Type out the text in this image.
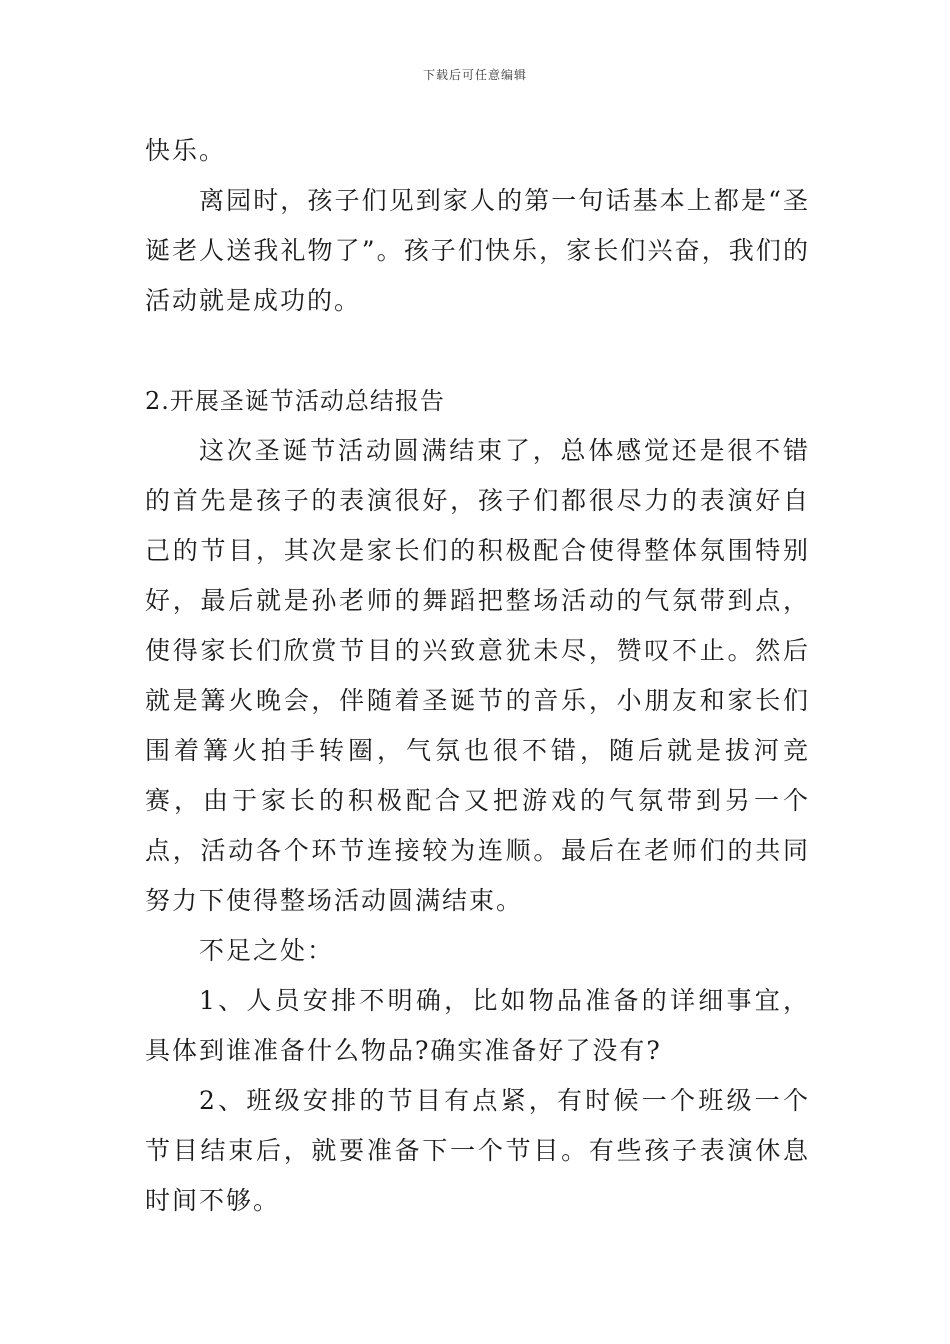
下载后可任意编辑

快乐。

离园时，孩子们见到家人的第一句话基本上都是“圣诞老人送我礼物了”。孩子们快乐，家长们兴奋，我们的活动就是成功的。

2.开展圣诞节活动总结报告

这次圣诞节活动圆满结束了，总体感觉还是很不错的首先是孩子的表演很好，孩子们都很尽力的表演好自己的节目，其次是家长们的积极配合使得整体氛围特别好，最后就是孙老师的舞蹈把整场活动的气氛带到点，使得家长们欣赏节目的兴致意犹未尽，赞叹不止。然后就是篝火晚会，伴随着圣诞节的音乐，小朋友和家长们围着篝火拍手转圈，气氛也很不错，随后就是拔河竞赛，由于家长的积极配合又把游戏的气氛带到另一个点，活动各个环节连接较为连顺。最后在老师们的共同努力下使得整场活动圆满结束。

不足之处：

1、人员安排不明确，比如物品准备的详细事宜，具体到谁准备什么物品?确实准备好了没有?

2、班级安排的节目有点紧，有时候一个班级一个节目结束后，就要准备下一个节目。有些孩子表演休息时间不够。
